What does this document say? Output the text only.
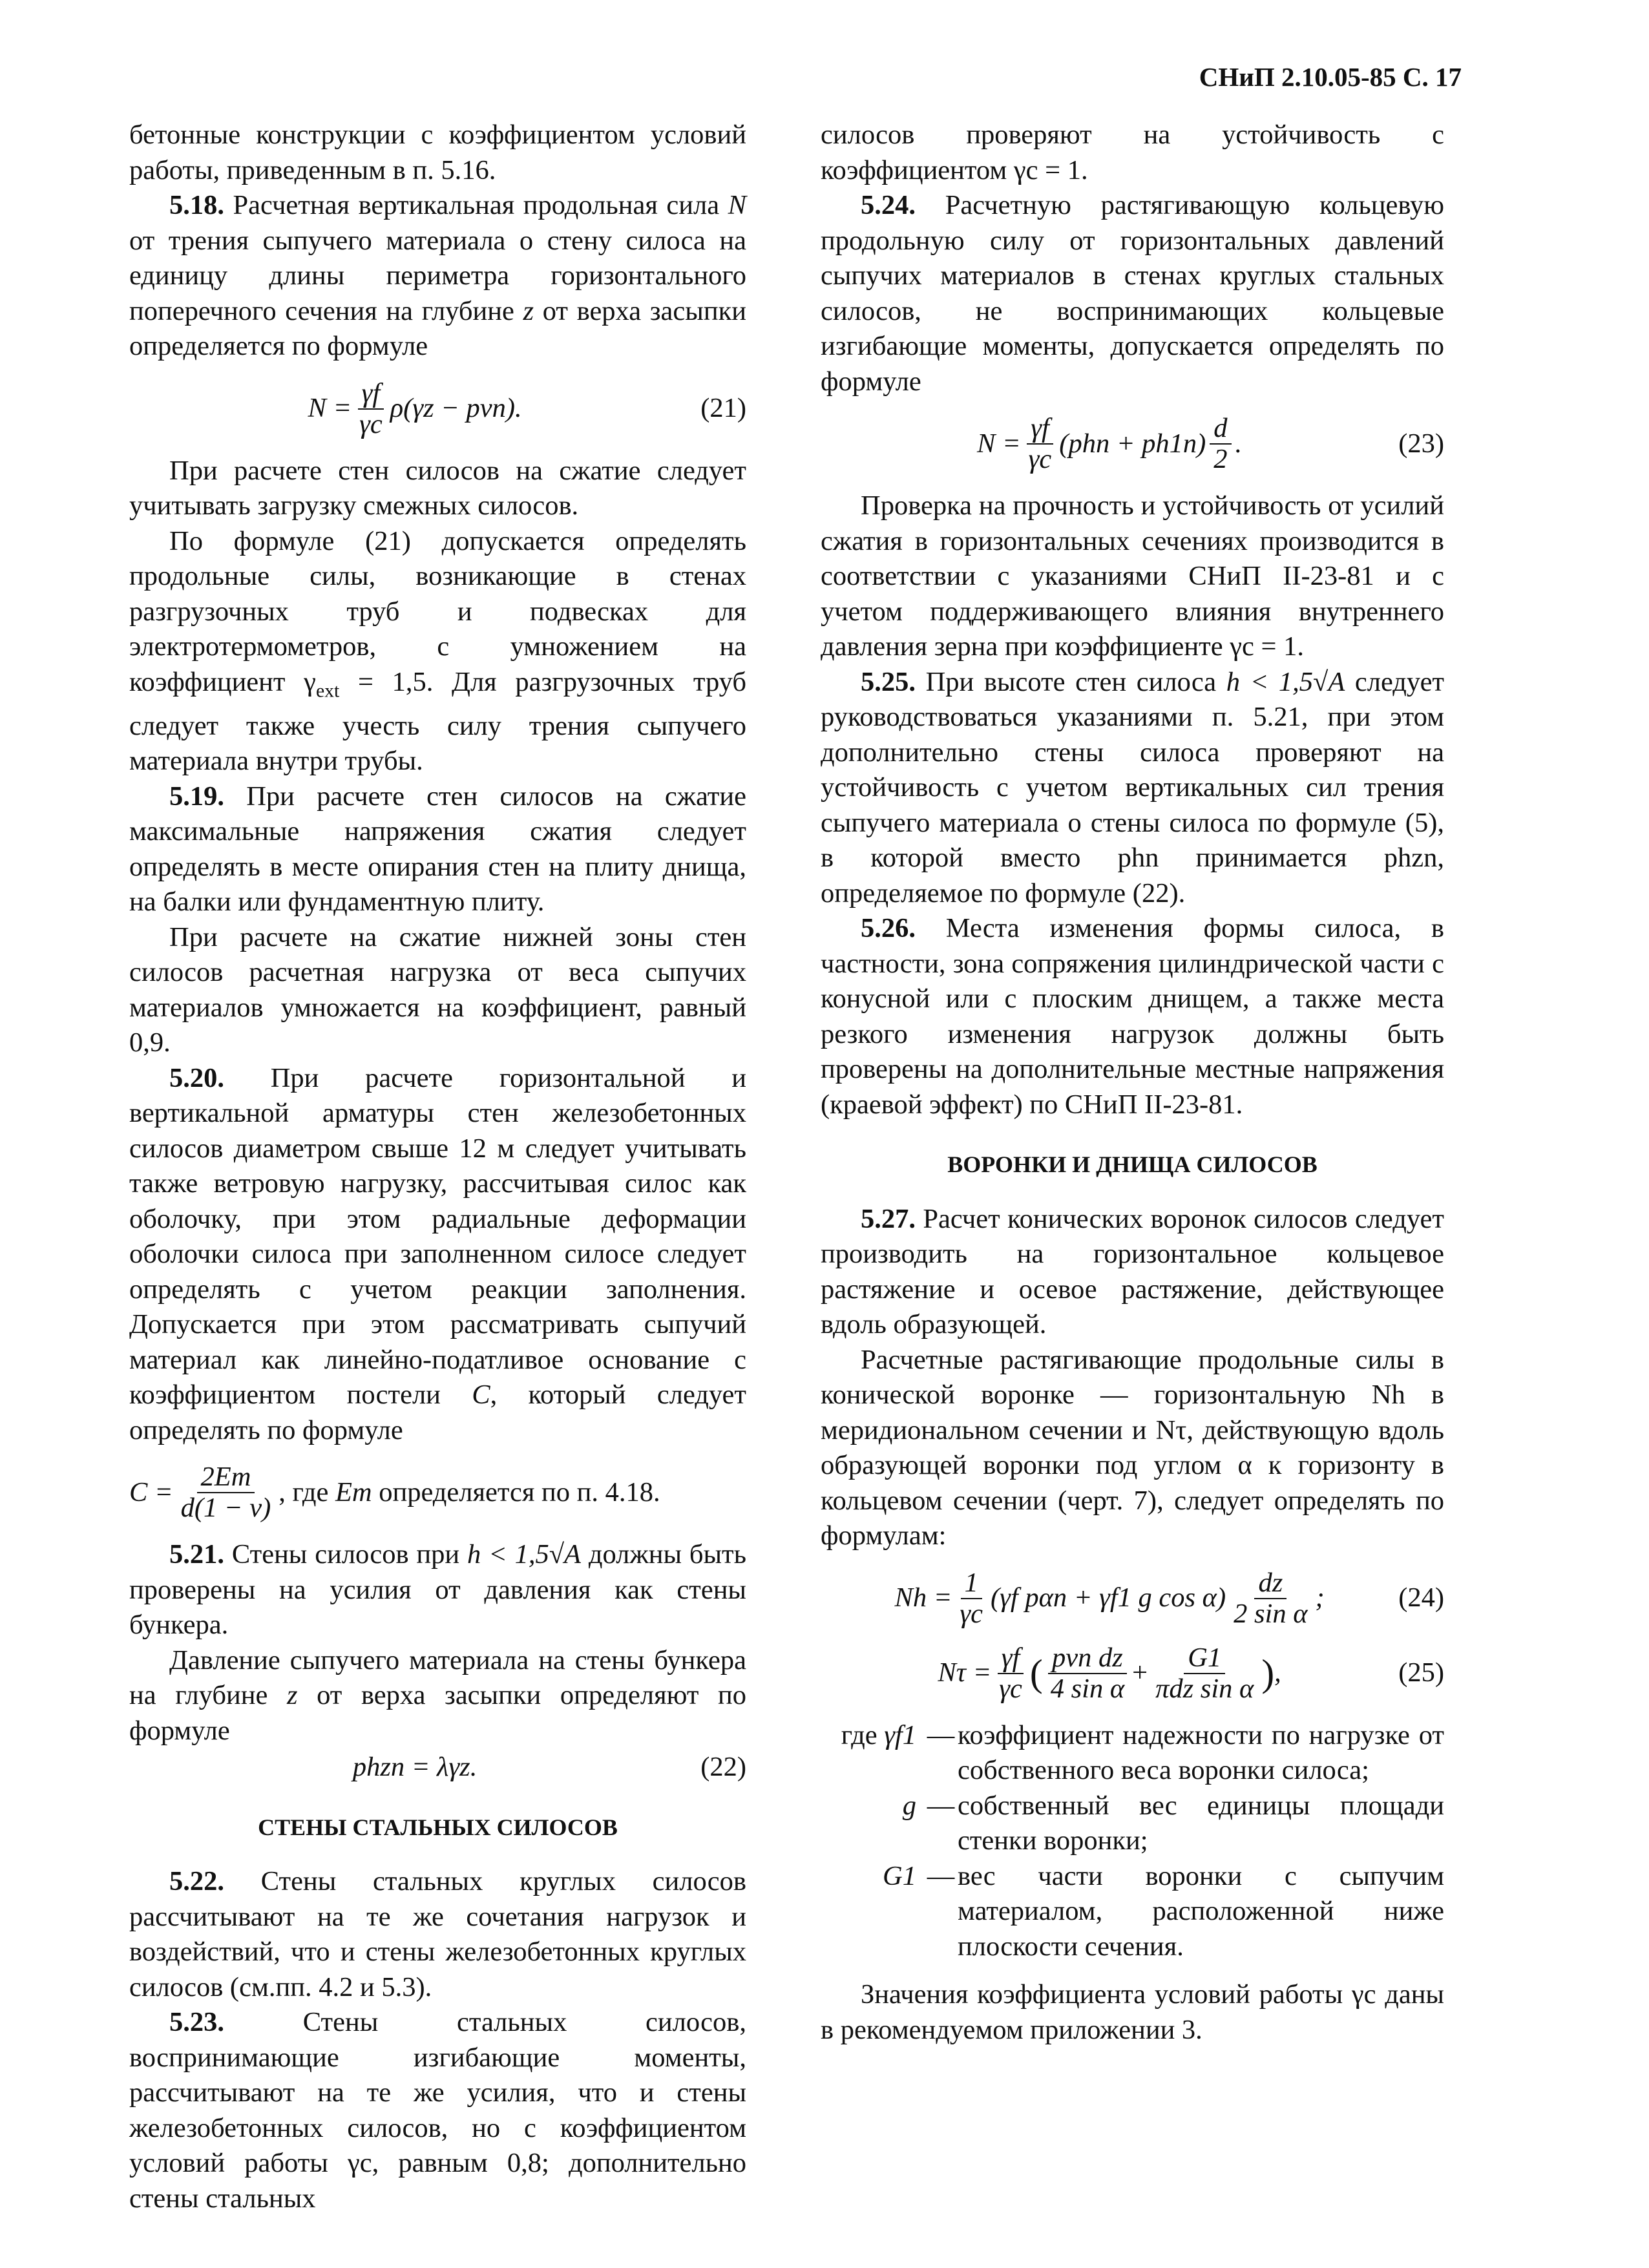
СНиП 2.10.05-85 С. 17

бетонные конструкции с коэффициентом условий работы, приведенным в п. 5.16.

5.18. Расчетная вертикальная продольная сила N от трения сыпучего материала о стену силоса на единицу длины периметра горизонтального поперечного сечения на глубине z от верха засыпки определяется по формуле

$N = \frac{\gamma f}{\gamma c} \rho(\gamma z - pvn)$.	(21)

При расчете стен силосов на сжатие следует учитывать загрузку смежных силосов.

По формуле (21) допускается определять продольные силы, возникающие в стенах разгрузочных труб и подвесках для электротермометров, с умножением на коэффициент $\gamma_{ext} = 1,5$. Для разгрузочных труб следует также учесть силу трения сыпучего материала внутри трубы.

5.19. При расчете стен силосов на сжатие максимальные напряжения сжатия следует определять в месте опирания стен на плиту днища, на балки или фундаментную плиту.

При расчете на сжатие нижней зоны стен силосов расчетная нагрузка от веса сыпучих материалов умножается на коэффициент, равный 0,9.

5.20. При расчете горизонтальной и вертикальной арматуры стен железобетонных силосов диаметром свыше 12 м следует учитывать также ветровую нагрузку, рассчитывая силос как оболочку, при этом радиальные деформации оболочки силоса при заполненном силосе следует определять с учетом реакции заполнения. Допускается при этом рассматривать сыпучий материал как линейно-податливое основание с коэффициентом постели C, который следует определять по формуле

$C = \frac{2Em}{d(1 - \nu)}$ , где Em определяется по п. 4.18.

5.21. Стены силосов при h < 1,5√A должны быть проверены на усилия от давления как стены бункера.

Давление сыпучего материала на стены бункера на глубине z от верха засыпки определяют по формуле

phzn = λγz.	(22)
СТЕНЫ СТАЛЬНЫХ СИЛОСОВ

5.22. Стены стальных круглых силосов рассчитывают на те же сочетания нагрузок и воздействий, что и стены железобетонных круглых силосов (см.пп. 4.2 и 5.3).

5.23. Стены стальных силосов, воспринимающие изгибающие моменты, рассчитывают на те же усилия, что и стены железобетонных силосов, но с коэффициентом условий работы γc, равным 0,8; дополнительно стены стальных

силосов проверяют на устойчивость с коэффициентом γc = 1.

5.24. Расчетную растягивающую кольцевую продольную силу от горизонтальных давлений сыпучих материалов в стенах круглых стальных силосов, не воспринимающих кольцевые изгибающие моменты, допускается определять по формуле

$N = \frac{\gamma f}{\gamma c} (phn + ph1n) \frac{d}{2}$ .	(23)

Проверка на прочность и устойчивость от усилий сжатия в горизонтальных сечениях производится в соответствии с указаниями СНиП II-23-81 и с учетом поддерживающего влияния внутреннего давления зерна при коэффициенте γc = 1.

5.25. При высоте стен силоса h < 1,5√A следует руководствоваться указаниями п. 5.21, при этом дополнительно стены силоса проверяют на устойчивость с учетом вертикальных сил трения сыпучего материала о стены силоса по формуле (5), в которой вместо phn принимается phzn, определяемое по формуле (22).

5.26. Места изменения формы силоса, в частности, зона сопряжения цилиндрической части с конусной или с плоским днищем, а также места резкого изменения нагрузок должны быть проверены на дополнительные местные напряжения (краевой эффект) по СНиП II-23-81.

ВОРОНКИ И ДНИЩА СИЛОСОВ

5.27. Расчет конических воронок силосов следует производить на горизонтальное кольцевое растяжение и осевое растяжение, действующее вдоль образующей.

Расчетные растягивающие продольные силы в конической воронке — горизонтальную Nh в меридиональном сечении и Nτ, действующую вдоль образующей воронки под углом α к горизонту в кольцевом сечении (черт. 7), следует определять по формулам:

$Nh = \frac{1}{\gamma c} (\gamma f$ pαn + γf1 g $\cos \alpha) \frac{dz}{\text{2 sin α}}$ ;	(24)
$N\tau = \frac{\gamma f}{\gamma c}$ ( $\frac{\text{pvn dz}}{\text{4 sin α}} + \frac{G1}{\text{πdz sin α}}$ ) ,	(25)
где γf1 — коэффициент надежности по нагрузке от собственного веса воронки силоса;
g — собственный вес единицы площади стенки воронки;
G1 — вес части воронки с сыпучим материалом, расположенной ниже плоскости сечения.

Значения коэффициента условий работы γc даны в рекомендуемом приложении 3.
